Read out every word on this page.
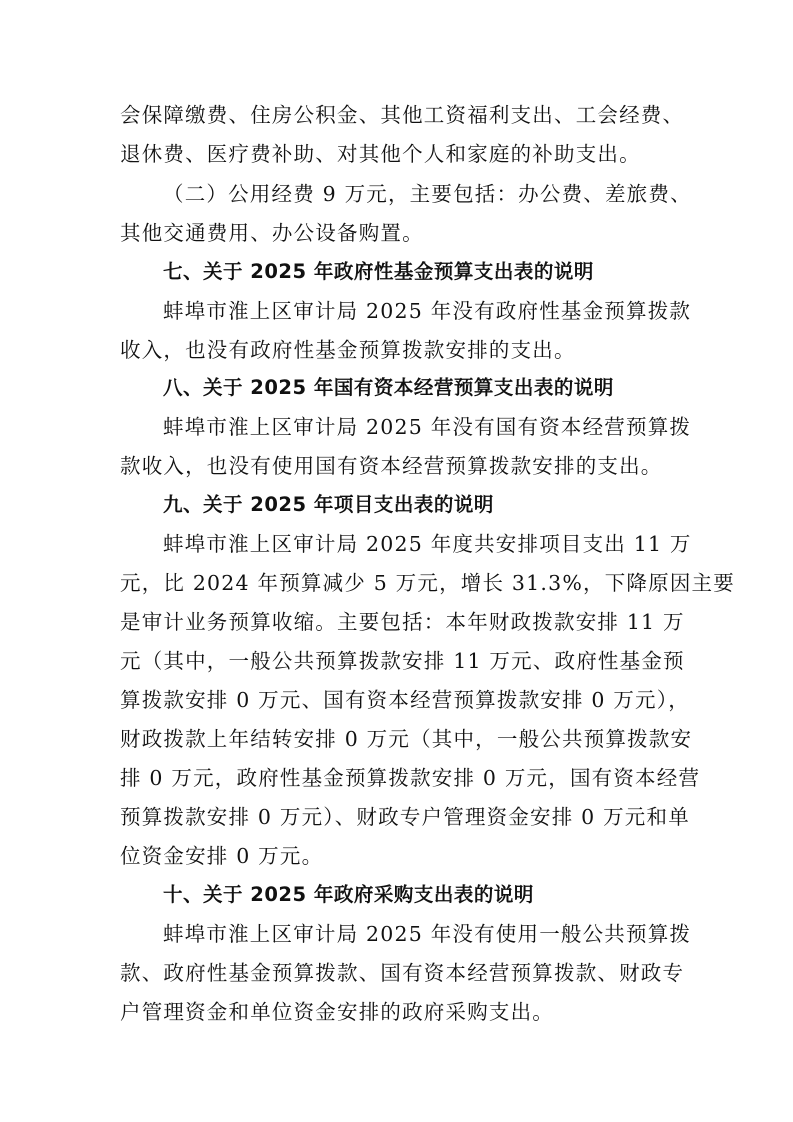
会保障缴费、住房公积金、其他工资福利支出、工会经费、
退休费、医疗费补助、对其他个人和家庭的补助支出。
（二）公用经费 9 万元，主要包括：办公费、差旅费、
其他交通费用、办公设备购置。
七、关于 2025 年政府性基金预算支出表的说明
蚌埠市淮上区审计局 2025 年没有政府性基金预算拨款
收入，也没有政府性基金预算拨款安排的支出。
八、关于 2025 年国有资本经营预算支出表的说明
蚌埠市淮上区审计局 2025 年没有国有资本经营预算拨
款收入，也没有使用国有资本经营预算拨款安排的支出。
九、关于 2025 年项目支出表的说明
蚌埠市淮上区审计局 2025 年度共安排项目支出 11 万
元，比 2024 年预算减少 5 万元，增长 31.3%，下降原因主要
是审计业务预算收缩。主要包括：本年财政拨款安排 11 万
元（其中，一般公共预算拨款安排 11 万元、政府性基金预
算拨款安排 0 万元、国有资本经营预算拨款安排 0 万元），
财政拨款上年结转安排 0 万元（其中，一般公共预算拨款安
排 0 万元，政府性基金预算拨款安排 0 万元，国有资本经营
预算拨款安排 0 万元）、财政专户管理资金安排 0 万元和单
位资金安排 0 万元。
十、关于 2025 年政府采购支出表的说明
蚌埠市淮上区审计局 2025 年没有使用一般公共预算拨
款、政府性基金预算拨款、国有资本经营预算拨款、财政专
户管理资金和单位资金安排的政府采购支出。
